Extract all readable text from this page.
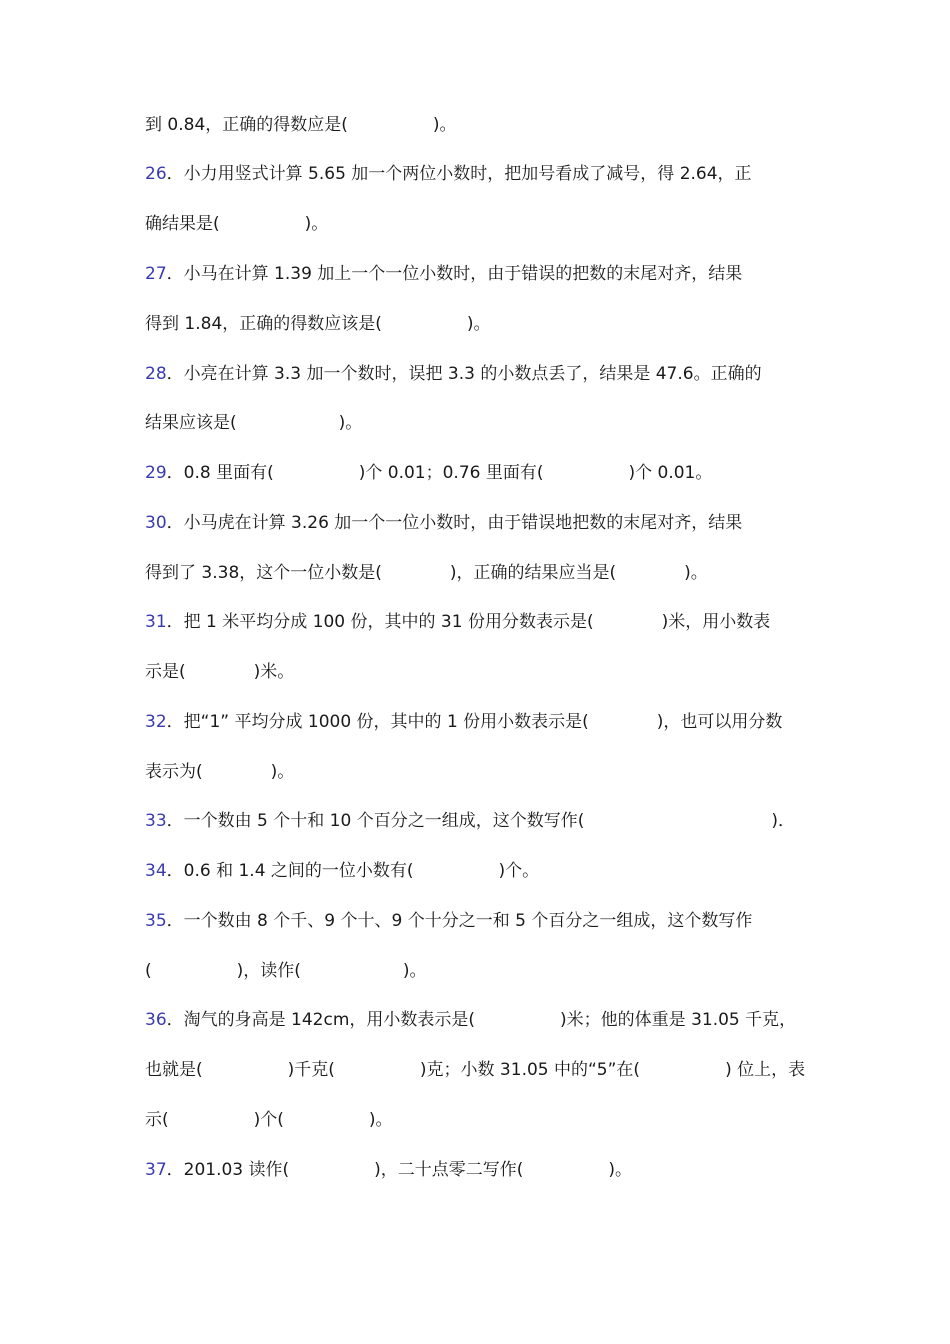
到 0.84，正确的得数应是(　　　　　)。
26．小力用竖式计算 5.65 加一个两位小数时，把加号看成了减号，得 2.64，正
确结果是(　　　　　)。
27．小马在计算 1.39 加上一个一位小数时，由于错误的把数的末尾对齐，结果
得到 1.84，正确的得数应该是(　　　　　)。
28．小亮在计算 3.3 加一个数时，误把 3.3 的小数点丢了，结果是 47.6。正确的
结果应该是(　　　　　　)。
29．0.8 里面有(　　　　　)个 0.01；0.76 里面有(　　　　　)个 0.01。
30．小马虎在计算 3.26 加一个一位小数时，由于错误地把数的末尾对齐，结果
得到了 3.38，这个一位小数是(　　　　)，正确的结果应当是(　　　　)。
31．把 1 米平均分成 100 份，其中的 31 份用分数表示是(　　　　)米，用小数表
示是(　　　　)米。
32．把“1” 平均分成 1000 份，其中的 1 份用小数表示是(　　　　)，也可以用分数
表示为(　　　　)。
33．一个数由 5 个十和 10 个百分之一组成，这个数写作(　　　　　　　　　　　)．
34．0.6 和 1.4 之间的一位小数有(　　　　　)个。
35．一个数由 8 个千、9 个十、9 个十分之一和 5 个百分之一组成，这个数写作
(　　　　　)，读作(　　　　　　)。
36．淘气的身高是 142cm，用小数表示是(　　　　　)米；他的体重是 31.05 千克，
也就是(　　　　　)千克(　　　　　)克；小数 31.05 中的“5”在(　　　　　) 位上，表
示(　　　　　)个(　　　　　)。
37．201.03 读作(　　　　　)，二十点零二写作(　　　　　)。
